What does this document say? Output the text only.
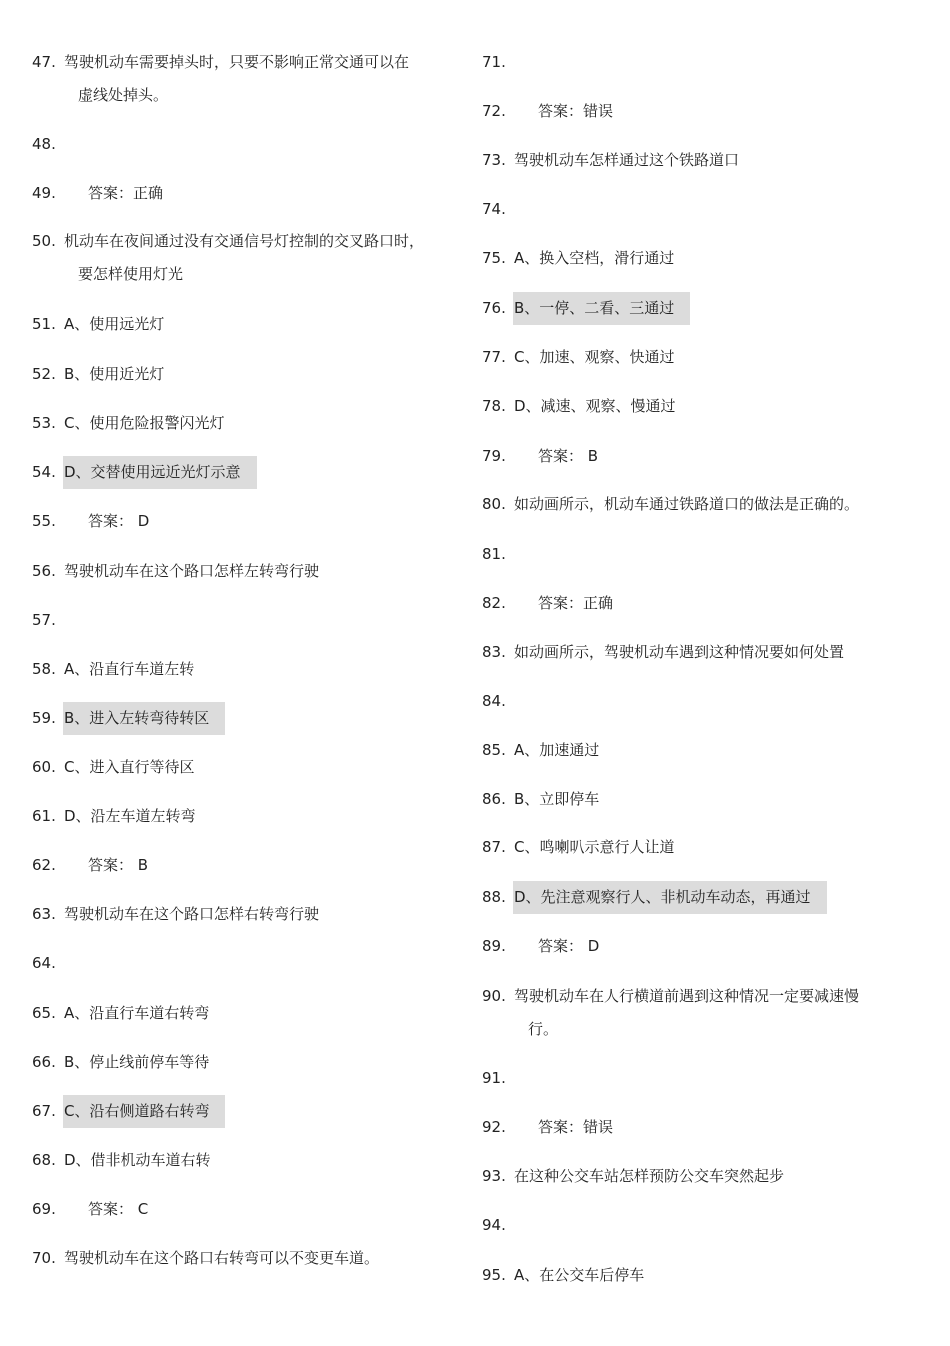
47. 驾驶机动车需要掉头时，只要不影响正常交通可以在
虚线处掉头。
48.
49. 答案：正确
50. 机动车在夜间通过没有交通信号灯控制的交叉路口时，
要怎样使用灯光
51. A、使用远光灯
52. B、使用近光灯
53. C、使用危险报警闪光灯
54. D、交替使用远近光灯示意
55. 答案： D
56. 驾驶机动车在这个路口怎样左转弯行驶
57.
58. A、沿直行车道左转
59. B、进入左转弯待转区
60. C、进入直行等待区
61. D、沿左车道左转弯
62. 答案： B
63. 驾驶机动车在这个路口怎样右转弯行驶
64.
65. A、沿直行车道右转弯
66. B、停止线前停车等待
67. C、沿右侧道路右转弯
68. D、借非机动车道右转
69. 答案： C
70. 驾驶机动车在这个路口右转弯可以不变更车道。
71.
72. 答案：错误
73. 驾驶机动车怎样通过这个铁路道口
74.
75. A、换入空档，滑行通过
76. B、一停、二看、三通过
77. C、加速、观察、快通过
78. D、减速、观察、慢通过
79. 答案： B
80. 如动画所示，机动车通过铁路道口的做法是正确的。
81.
82. 答案：正确
83. 如动画所示，驾驶机动车遇到这种情况要如何处置
84.
85. A、加速通过
86. B、立即停车
87. C、鸣喇叭示意行人让道
88. D、先注意观察行人、非机动车动态，再通过
89. 答案： D
90. 驾驶机动车在人行横道前遇到这种情况一定要减速慢
行。
91.
92. 答案：错误
93. 在这种公交车站怎样预防公交车突然起步
94.
95. A、在公交车后停车
